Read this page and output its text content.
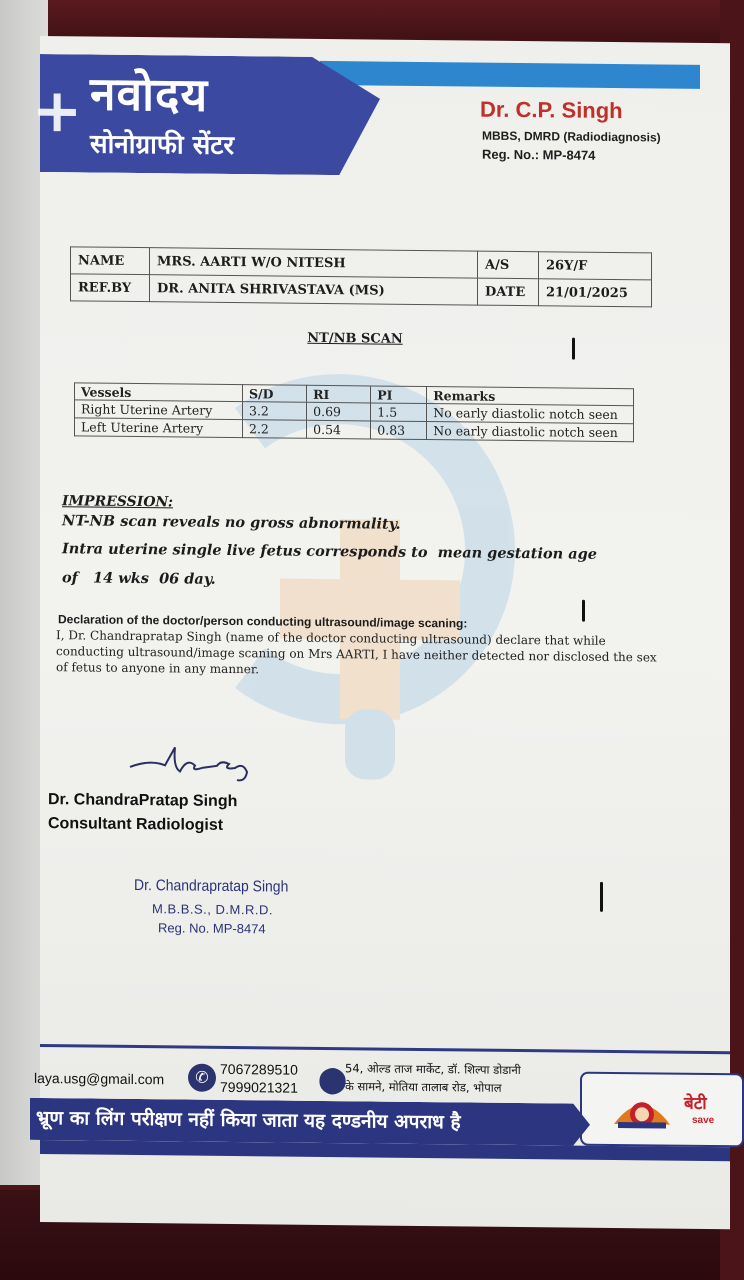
+ नवोदय
सोनोग्राफी सेंटर
Dr. C.P. Singh
MBBS, DMRD (Radiodiagnosis)
Reg. No.: MP-8474
NAME	MRS. AARTI W/O NITESH	A/S	26Y/F
REF.BY	DR. ANITA SHRIVASTAVA (MS)	DATE	21/01/2025
NT/NB SCAN
Vessels	S/D	RI	PI	Remarks
Right Uterine Artery	3.2	0.69	1.5	No early diastolic notch seen
Left Uterine Artery	2.2	0.54	0.83	No early diastolic notch seen
IMPRESSION:
NT-NB scan reveals no gross abnormality.
Intra uterine single live fetus corresponds to  mean gestation age
of   14 wks  06 day.
Declaration of the doctor/person conducting ultrasound/image scaning:
I, Dr. Chandrapratap Singh (name of the doctor conducting ultrasound) declare that while conducting ultrasound/image scaning on Mrs AARTI, I have neither detected nor disclosed the sex of fetus to anyone in any manner.
Dr. ChandraPratap Singh
Consultant Radiologist
Dr. Chandrapratap Singh
M.B.B.S., D.M.R.D.
Reg. No. MP-8474
laya.usg@gmail.com	✆ 7067289510
7999021321 ⬤
54, ओल्ड ताज मार्केट, डॉ. शिल्पा डोडानी
के सामने, मोतिया तालाब रोड, भोपाल
बेटी
save
भ्रूण का लिंग परीक्षण नहीं किया जाता यह दण्डनीय अपराध है
